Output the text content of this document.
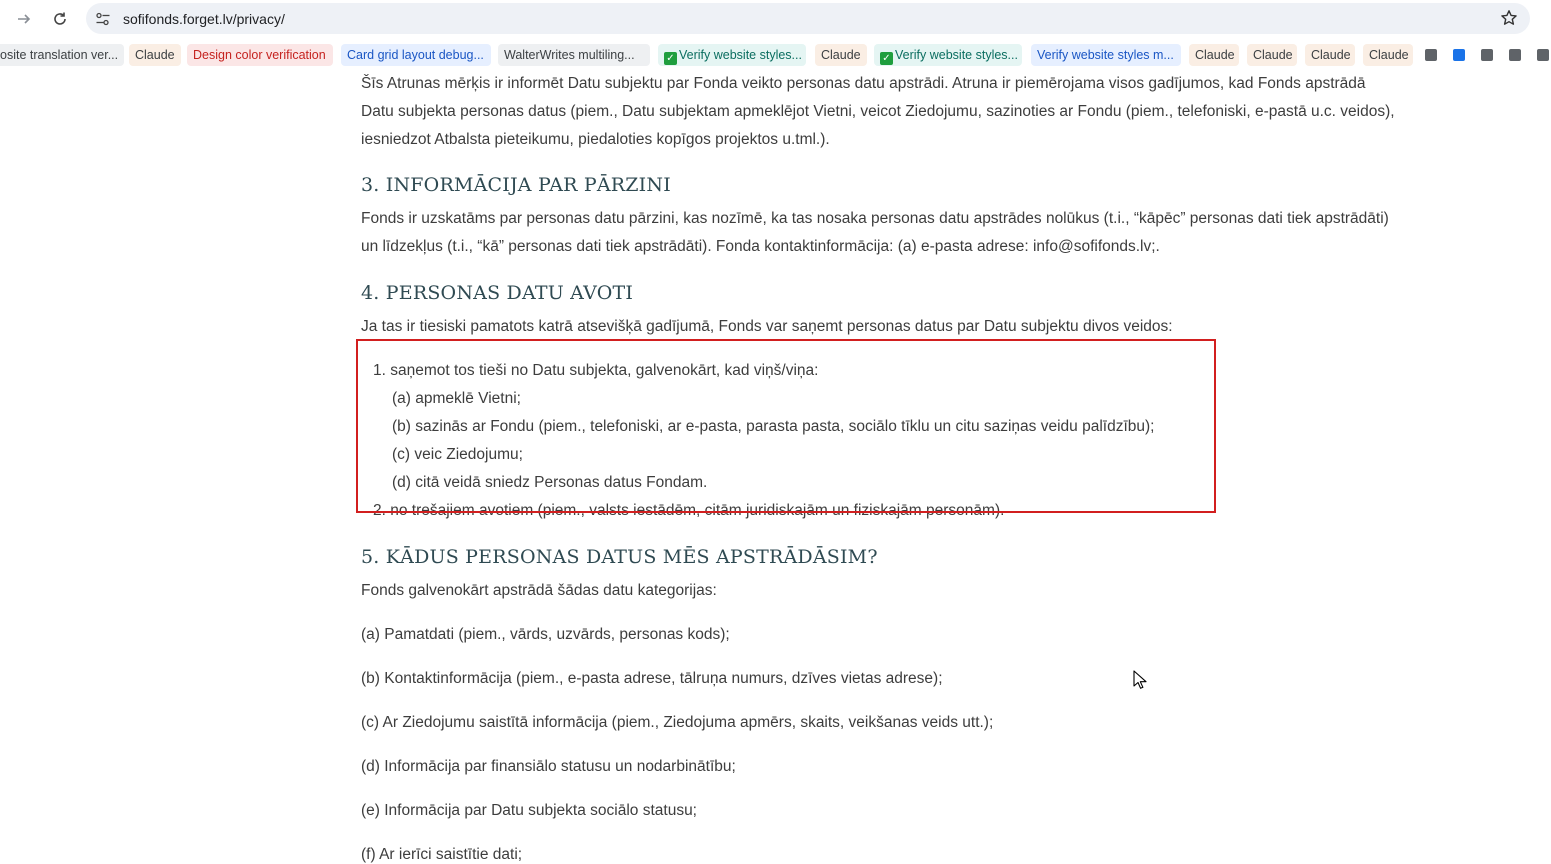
sofifonds.forget.lv/privacy/
osite translation ver...	Claude	Design color verification	Card grid layout debug...	WalterWrites multiling...	✓ Verify website styles...	Claude	✓ Verify website styles...	Verify website styles m...	Claude	Claude	Claude	Claude
Šīs Atrunas mērķis ir informēt Datu subjektu par Fonda veikto personas datu apstrādi. Atruna ir piemērojama visos gadījumos, kad Fonds apstrādā
Datu subjekta personas datus (piem., Datu subjektam apmeklējot Vietni, veicot Ziedojumu, sazinoties ar Fondu (piem., telefoniski, e-pastā u.c. veidos),
iesniedzot Atbalsta pieteikumu, piedaloties kopīgos projektos u.tml.).
3. INFORMĀCIJA PAR PĀRZINI
Fonds ir uzskatāms par personas datu pārzini, kas nozīmē, ka tas nosaka personas datu apstrādes nolūkus (t.i., “kāpēc” personas dati tiek apstrādāti)
un līdzekļus (t.i., “kā” personas dati tiek apstrādāti). Fonda kontaktinformācija: (a) e-pasta adrese: info@sofifonds.lv;.
4. PERSONAS DATU AVOTI
Ja tas ir tiesiski pamatots katrā atsevišķā gadījumā, Fonds var saņemt personas datus par Datu subjektu divos veidos:
1. saņemot tos tieši no Datu subjekta, galvenokārt, kad viņš/viņa:
(a) apmeklē Vietni;
(b) sazinās ar Fondu (piem., telefoniski, ar e-pasta, parasta pasta, sociālo tīklu un citu saziņas veidu palīdzību);
(c) veic Ziedojumu;
(d) citā veidā sniedz Personas datus Fondam.
2. no trešajiem avotiem (piem., valsts iestādēm, citām juridiskajām un fiziskajām personām).
5. KĀDUS PERSONAS DATUS MĒS APSTRĀDĀSIM?
Fonds galvenokārt apstrādā šādas datu kategorijas:
(a) Pamatdati (piem., vārds, uzvārds, personas kods);
(b) Kontaktinformācija (piem., e-pasta adrese, tālruņa numurs, dzīves vietas adrese);
(c) Ar Ziedojumu saistītā informācija (piem., Ziedojuma apmērs, skaits, veikšanas veids utt.);
(d) Informācija par finansiālo statusu un nodarbinātību;
(e) Informācija par Datu subjekta sociālo statusu;
(f) Ar ierīci saistītie dati;
